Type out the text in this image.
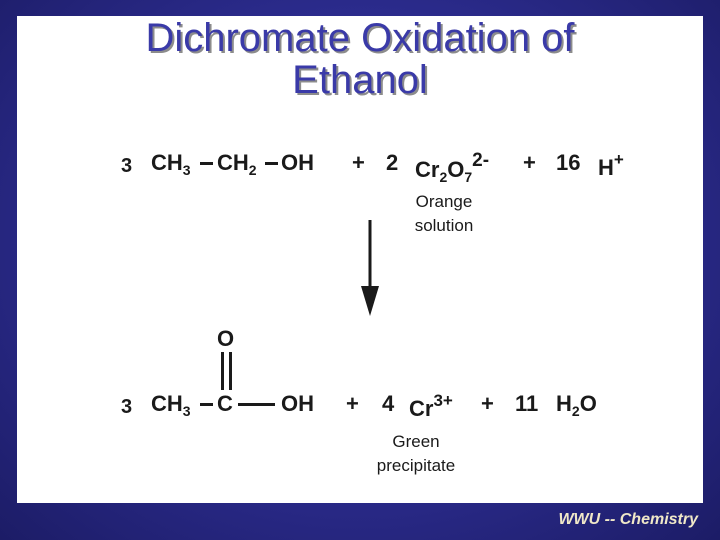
Dichromate Oxidation of
Ethanol
3 $CH_3$ $CH_2$ OH + 2 $Cr_2O_72- + 16$ H+
Orange
solution
O
3 $CH_3$ C OH + 4 $Cr^{3+} + 11$ $H_2O$
Green
precipitate
WWU -- Chemistry
